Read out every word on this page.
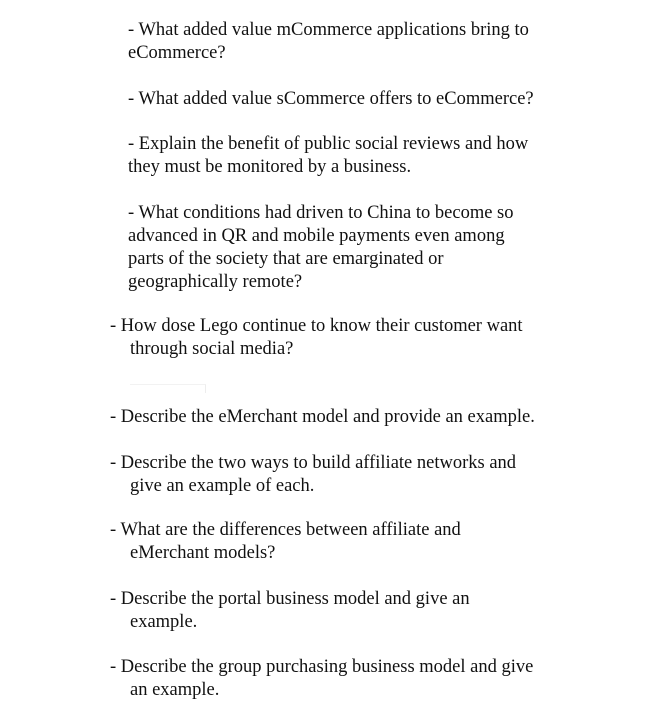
- What added value mCommerce applications bring to
eCommerce?

- What added value sCommerce offers to eCommerce?

- Explain the benefit of public social reviews and how
they must be monitored by a business.

- What conditions had driven to China to become so
advanced in QR and mobile payments even among
parts of the society that are emarginated or
geographically remote?

- How dose Lego continue to know their customer want
through social media?

- Describe the eMerchant model and provide an example.

- Describe the two ways to build affiliate networks and
give an example of each.

- What are the differences between affiliate and
eMerchant models?

- Describe the portal business model and give an
example.

- Describe the group purchasing business model and give
an example.
